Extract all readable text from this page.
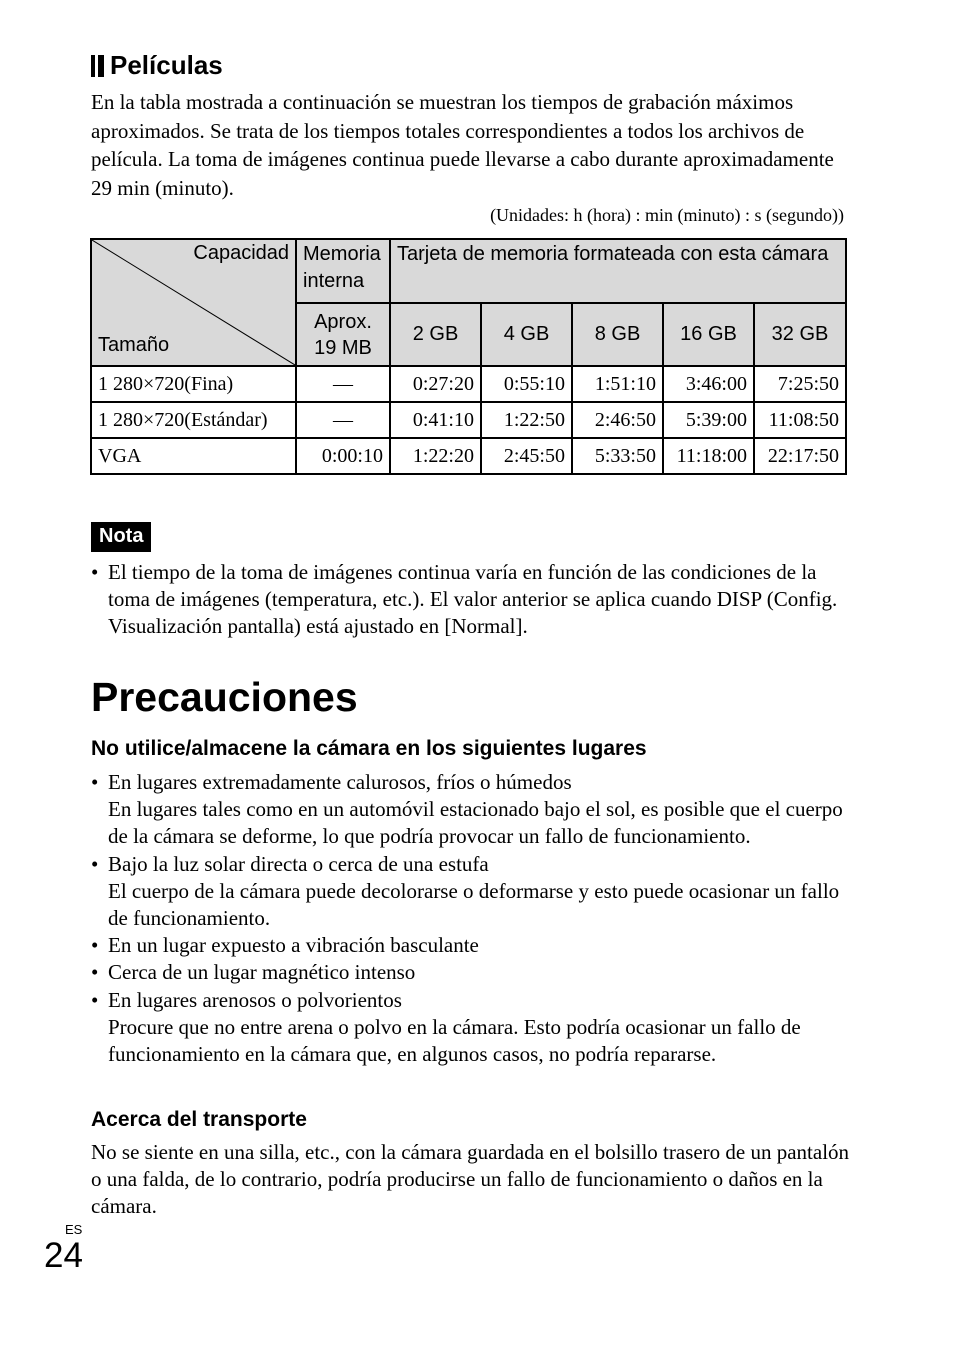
Películas
En la tabla mostrada a continuación se muestran los tiempos de grabación máximos aproximados. Se trata de los tiempos totales correspondientes a todos los archivos de película. La toma de imágenes continua puede llevarse a cabo durante aproximadamente 29 min (minuto).
(Unidades: h (hora) : min (minuto) : s (segundo))
Capacidad
Tamaño	Memoria interna	Tarjeta de memoria formateada con esta cámara				
	Aprox. 19 MB	2 GB	4 GB	8 GB	16 GB	32 GB
1 280×720(Fina)	—	0:27:20	0:55:10	1:51:10	3:46:00	7:25:50
1 280×720(Estándar)	—	0:41:10	1:22:50	2:46:50	5:39:00	11:08:50
VGA	0:00:10	1:22:20	2:45:50	5:33:50	11:18:00	22:17:50
Nota
• El tiempo de la toma de imágenes continua varía en función de las condiciones de la toma de imágenes (temperatura, etc.). El valor anterior se aplica cuando DISP (Config. Visualización pantalla) está ajustado en [Normal].
Precauciones
No utilice/almacene la cámara en los siguientes lugares
• En lugares extremadamente calurosos, fríos o húmedos
En lugares tales como en un automóvil estacionado bajo el sol, es posible que el cuerpo de la cámara se deforme, lo que podría provocar un fallo de funcionamiento.
• Bajo la luz solar directa o cerca de una estufa
El cuerpo de la cámara puede decolorarse o deformarse y esto puede ocasionar un fallo de funcionamiento.
• En un lugar expuesto a vibración basculante
• Cerca de un lugar magnético intenso
• En lugares arenosos o polvorientos
Procure que no entre arena o polvo en la cámara. Esto podría ocasionar un fallo de funcionamiento en la cámara que, en algunos casos, no podría repararse.
Acerca del transporte
No se siente en una silla, etc., con la cámara guardada en el bolsillo trasero de un pantalón o una falda, de lo contrario, podría producirse un fallo de funcionamiento o daños en la cámara.
ES
24
